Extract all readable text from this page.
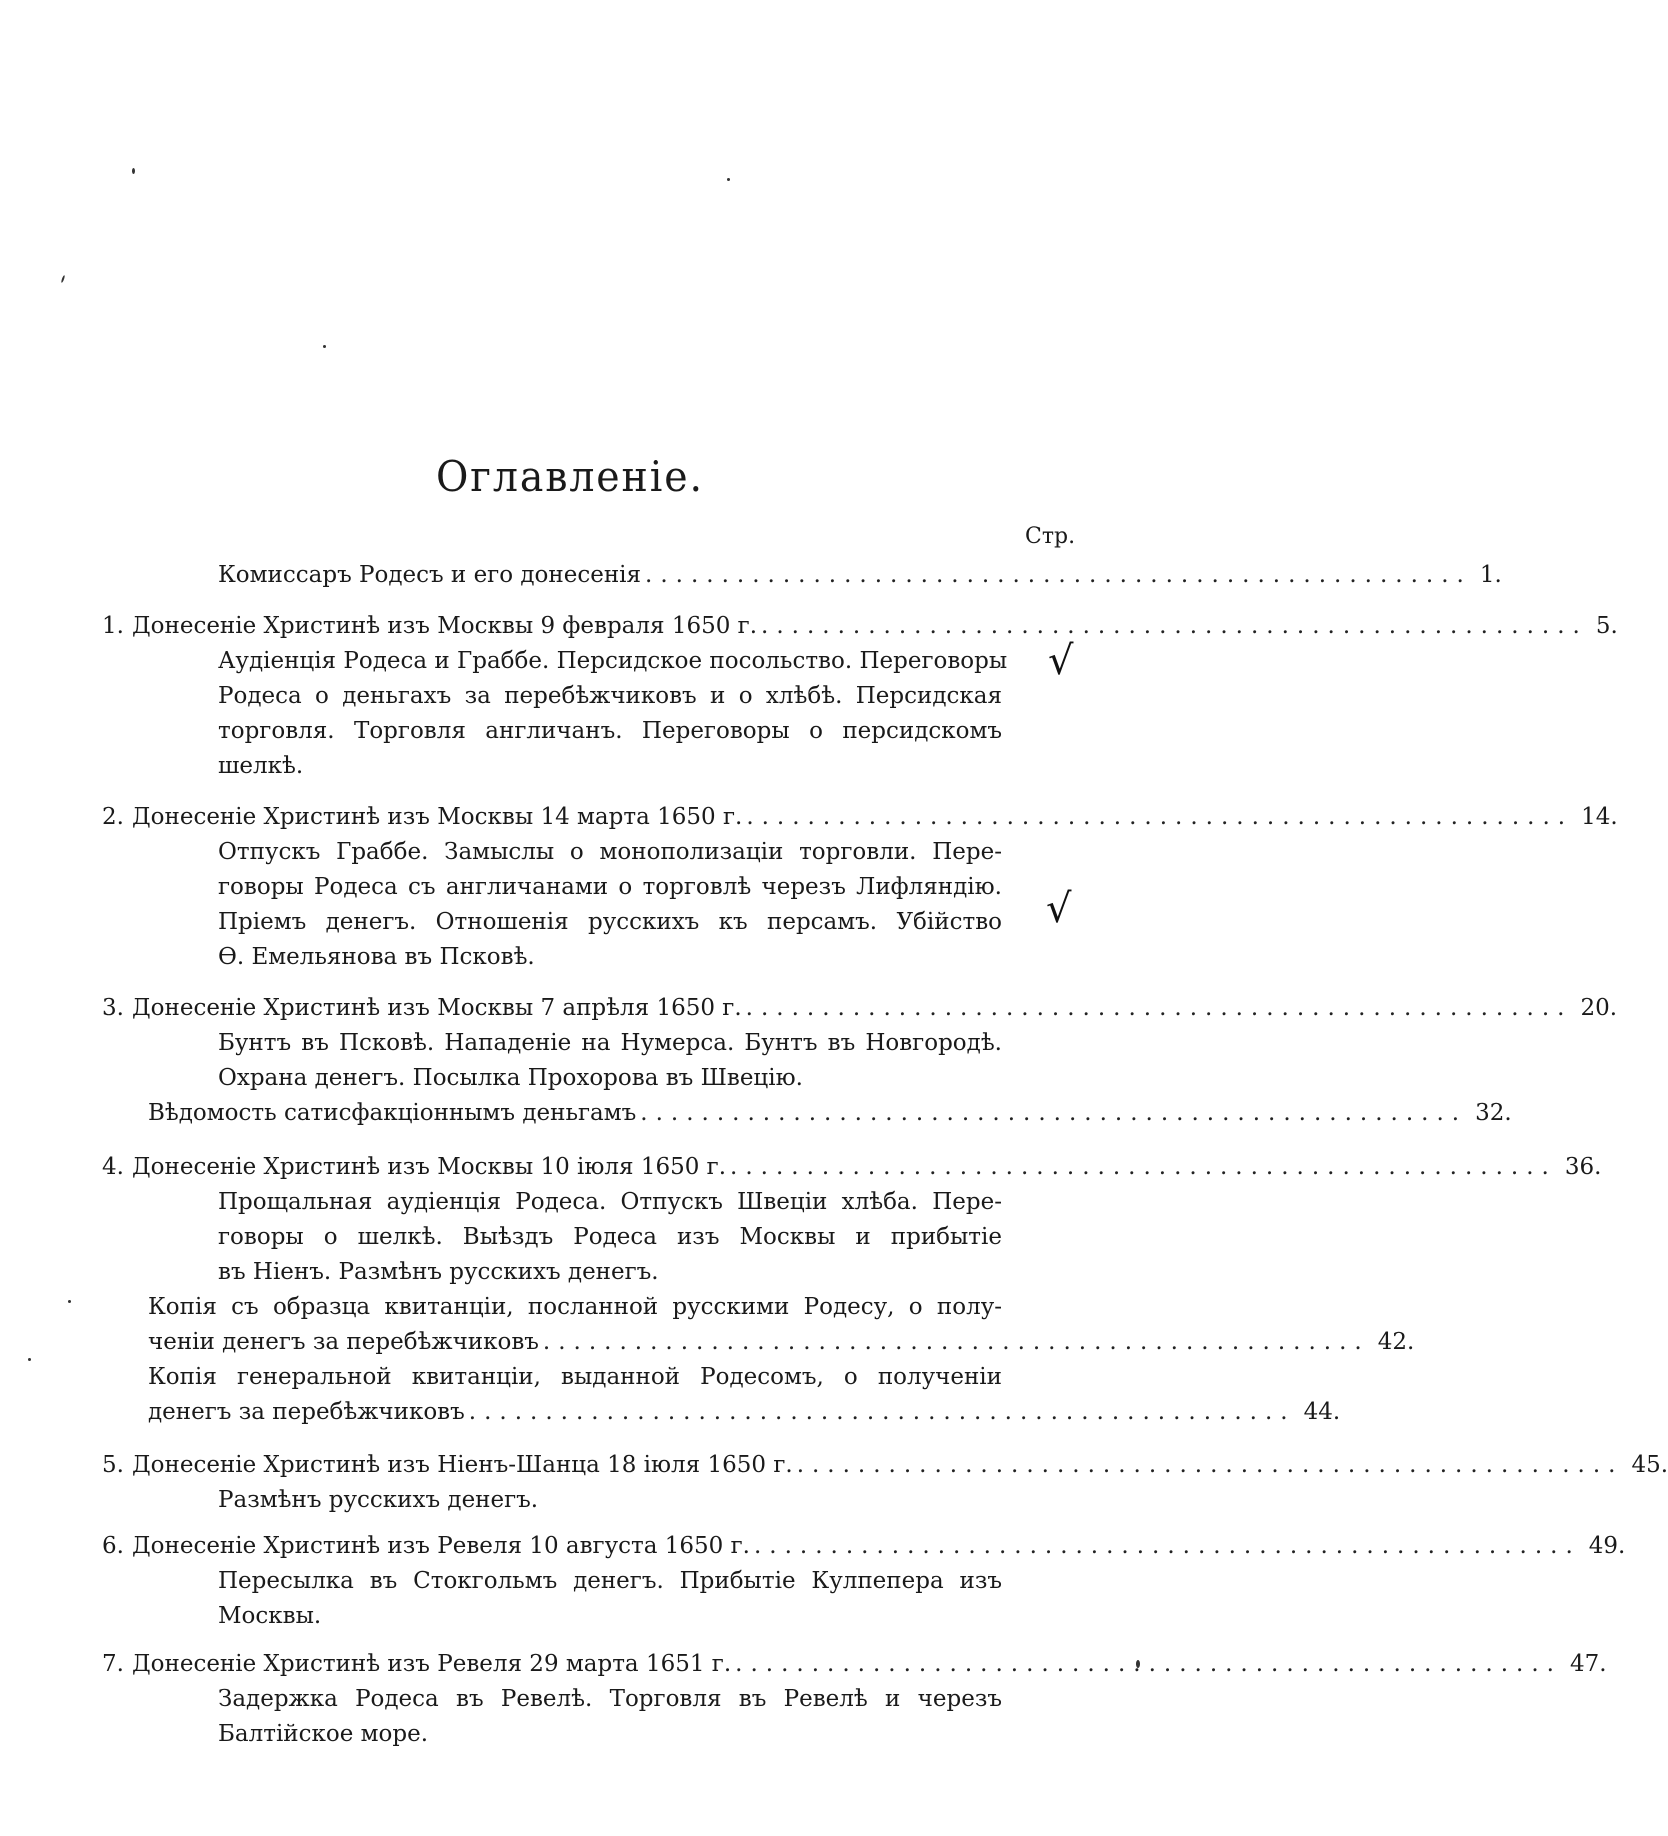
Оглавленіе.
Стр.
Комиссаръ Родесъ и его донесенія ...................................................... 1.
1. Донесеніе Христинѣ изъ Москвы 9 февраля 1650 г. ...................................................... 5.
Аудіенція Родеса и Граббе. Персидское посольство. Переговоры
Родеса о деньгахъ за перебѣжчиковъ и о хлѣбѣ. Персидская
торговля. Торговля англичанъ. Переговоры о персидскомъ
шелкѣ.
√
2. Донесеніе Христинѣ изъ Москвы 14 марта 1650 г. ...................................................... 14.
Отпускъ Граббе. Замыслы о монополизаціи торговли. Пере-
говоры Родеса съ англичанами о торговлѣ черезъ Лифляндію.
Пріемъ денегъ. Отношенія русскихъ къ персамъ. Убійство
Ѳ. Емельянова въ Псковѣ.
√
3. Донесеніе Христинѣ изъ Москвы 7 апрѣля 1650 г. ...................................................... 20.
Бунтъ въ Псковѣ. Нападеніе на Нумерса. Бунтъ въ Новгородѣ.
Охрана денегъ. Посылка Прохорова въ Швецію.
Вѣдомость сатисфакціоннымъ деньгамъ ...................................................... 32.
4. Донесеніе Христинѣ изъ Москвы 10 іюля 1650 г. ...................................................... 36.
Прощальная аудіенція Родеса. Отпускъ Швеціи хлѣба. Пере-
говоры о шелкѣ. Выѣздъ Родеса изъ Москвы и прибытіе
въ Ніенъ. Размѣнъ русскихъ денегъ.
Копія съ образца квитанціи, посланной русскими Родесу, о полу-
ченіи денегъ за перебѣжчиковъ ...................................................... 42.
Копія генеральной квитанціи, выданной Родесомъ, о полученіи
денегъ за перебѣжчиковъ ...................................................... 44.
5. Донесеніе Христинѣ изъ Ніенъ-Шанца 18 іюля 1650 г. ...................................................... 45.
Размѣнъ русскихъ денегъ.
6. Донесеніе Христинѣ изъ Ревеля 10 августа 1650 г. ...................................................... 49.
Пересылка въ Стокгольмъ денегъ. Прибытіе Кулпепера изъ
Москвы.
7. Донесеніе Христинѣ изъ Ревеля 29 марта 1651 г. ...................................................... 47.
Задержка Родеса въ Ревелѣ. Торговля въ Ревелѣ и черезъ
Балтійское море.
